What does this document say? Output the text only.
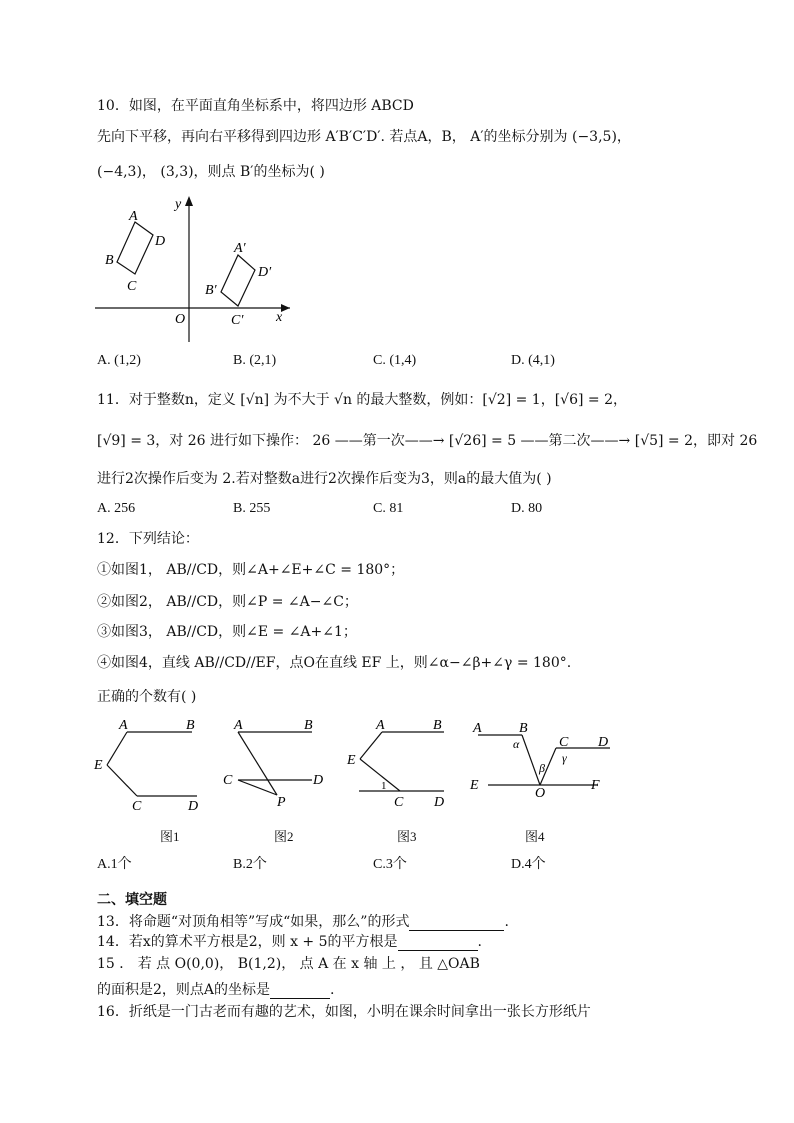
10．如图，在平面直角坐标系中，将四边形 ABCD
先向下平移，再向右平移得到四边形 A′B′C′D′. 若点A，B， A′的坐标分别为 (−3,5)，
(−4,3)， (3,3)，则点 B′的坐标为( )
y
x
O
A
D
B
C
A′
D′
B′
C′
A. (1,2)	B. (2,1)	C. (1,4)	D. (4,1)
11．对于整数n，定义 [√n] 为不大于 √n 的最大整数，例如：[√2] = 1，[√6] = 2，
[√9] = 3，对 26 进行如下操作： 26 ——第一次——→ [√26] = 5 ——第二次——→ [√5] = 2，即对 26
进行2次操作后变为 2.若对整数a进行2次操作后变为3，则a的最大值为( )
A. 256	B. 255	C. 81	D. 80
12．下列结论：
①如图1， AB//CD，则∠A+∠E+∠C = 180°；
②如图2， AB//CD，则∠P = ∠A−∠C；
③如图3， AB//CD，则∠E = ∠A+∠1；
④如图4，直线 AB//CD//EF，点O在直线 EF 上，则∠α−∠β+∠γ = 180°.
正确的个数有( )
A	B
E
C	D
图1
A	B
C	D
P
图2
A	B
E
1
C D
图3
A	B
α	C D
γ
β
E
O
F
图4
A.1个	B.2个	C.3个	D.4个
二、填空题
13．将命题“对顶角相等”写成“如果，那么”的形式	.
14．若x的算术平方根是2，则 x + 5的平方根是	.
15 ． 若 点 O(0,0)， B(1,2)， 点 A 在 x 轴 上 ， 且 △OAB
的面积是2，则点A的坐标是	.
16．折纸是一门古老而有趣的艺术，如图，小明在课余时间拿出一张长方形纸片
